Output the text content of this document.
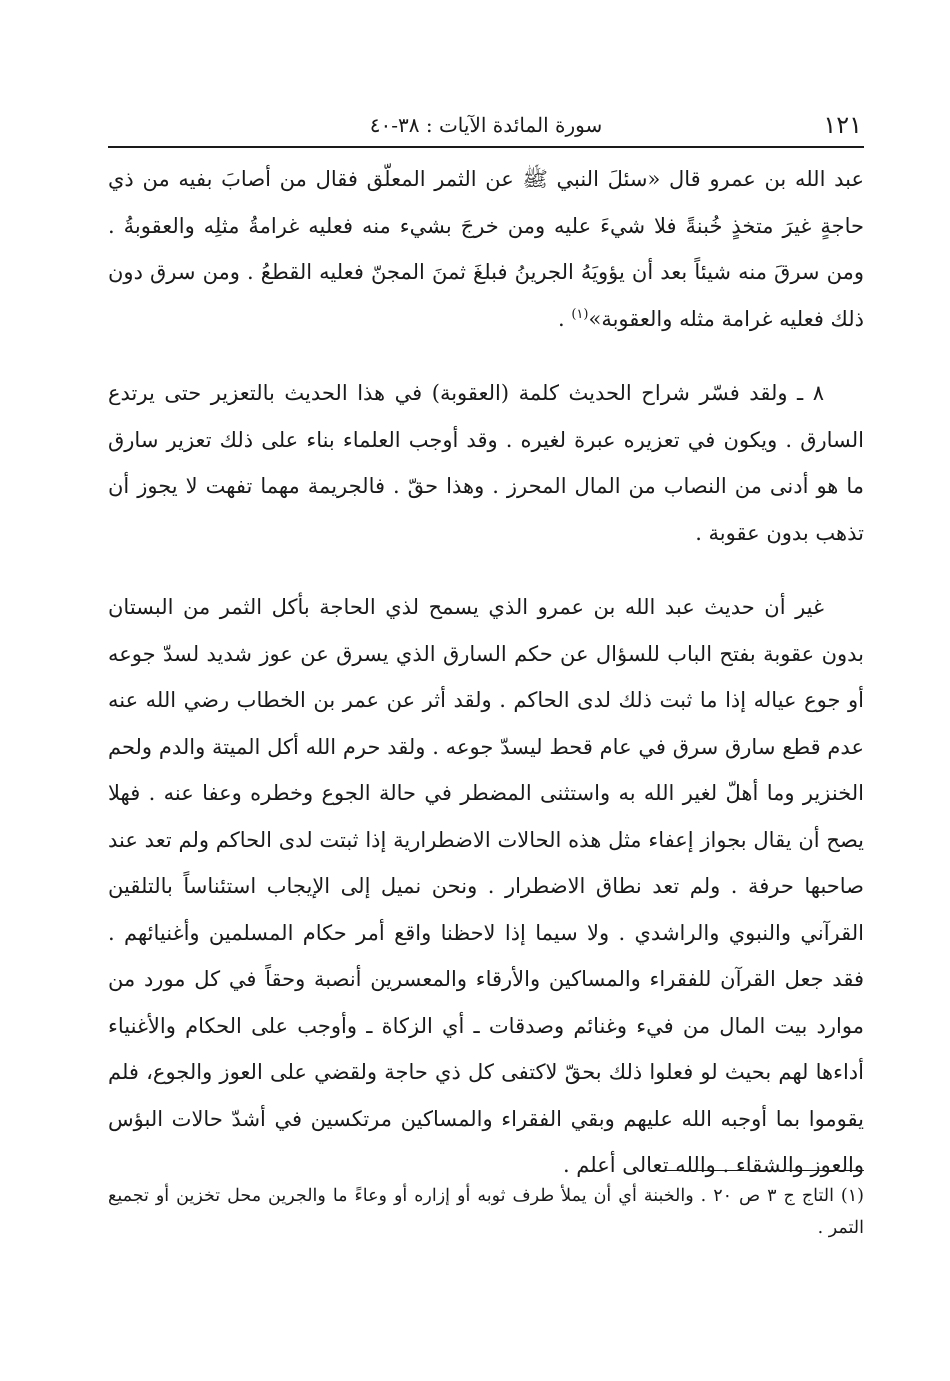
١٢١
سورة المائدة الآيات : ٣٨-٤٠

عبد الله بن عمرو قال «سئلَ النبي ﷺ عن الثمر المعلّق فقال من أصابَ بفيه من ذي حاجةٍ غيرَ متخذٍ خُبنةً فلا شيءَ عليه ومن خرجَ بشيء منه فعليه غرامةُ مثلِه والعقوبةُ . ومن سرقَ منه شيئاً بعد أن يؤويَهُ الجرينُ فبلغَ ثمنَ المجنّ فعليه القطعُ . ومن سرق دون ذلك فعليه غرامة مثله والعقوبة»$^{(١)}$ .

٨ ـ ولقد فسّر شراح الحديث كلمة (العقوبة) في هذا الحديث بالتعزير حتى يرتدع السارق . ويكون في تعزيره عبرة لغيره . وقد أوجب العلماء بناء على ذلك تعزير سارق ما هو أدنى من النصاب من المال المحرز . وهذا حقّ . فالجريمة مهما تفهت لا يجوز أن تذهب بدون عقوبة .

غير أن حديث عبد الله بن عمرو الذي يسمح لذي الحاجة بأكل الثمر من البستان بدون عقوبة بفتح الباب للسؤال عن حكم السارق الذي يسرق عن عوز شديد لسدّ جوعه أو جوع عياله إذا ما ثبت ذلك لدى الحاكم . ولقد أثر عن عمر بن الخطاب رضي الله عنه عدم قطع سارق سرق في عام قحط ليسدّ جوعه . ولقد حرم الله أكل الميتة والدم ولحم الخنزير وما أهلّ لغير الله به واستثنى المضطر في حالة الجوع وخطره وعفا عنه . فهلا يصح أن يقال بجواز إعفاء مثل هذه الحالات الاضطرارية إذا ثبتت لدى الحاكم ولم تعد عند صاحبها حرفة . ولم تعد نطاق الاضطرار . ونحن نميل إلى الإيجاب استئناساً بالتلقين القرآني والنبوي والراشدي . ولا سيما إذا لاحظنا واقع أمر حكام المسلمين وأغنيائهم . فقد جعل القرآن للفقراء والمساكين والأرقاء والمعسرين أنصبة وحقاً في كل مورد من موارد بيت المال من فيء وغنائم وصدقات ـ أي الزكاة ـ وأوجب على الحكام والأغنياء أداءها لهم بحيث لو فعلوا ذلك بحقّ لاكتفى كل ذي حاجة ولقضي على العوز والجوع، فلم يقوموا بما أوجبه الله عليهم وبقي الفقراء والمساكين مرتكسين في أشدّ حالات البؤس والعوز والشقاء . والله تعالى أعلم .

(١) التاج ج ٣ ص ٢٠ . والخبنة أي أن يملأ طرف ثوبه أو إزاره أو وعاءً ما والجرين محل تخزين أو تجميع التمر .
